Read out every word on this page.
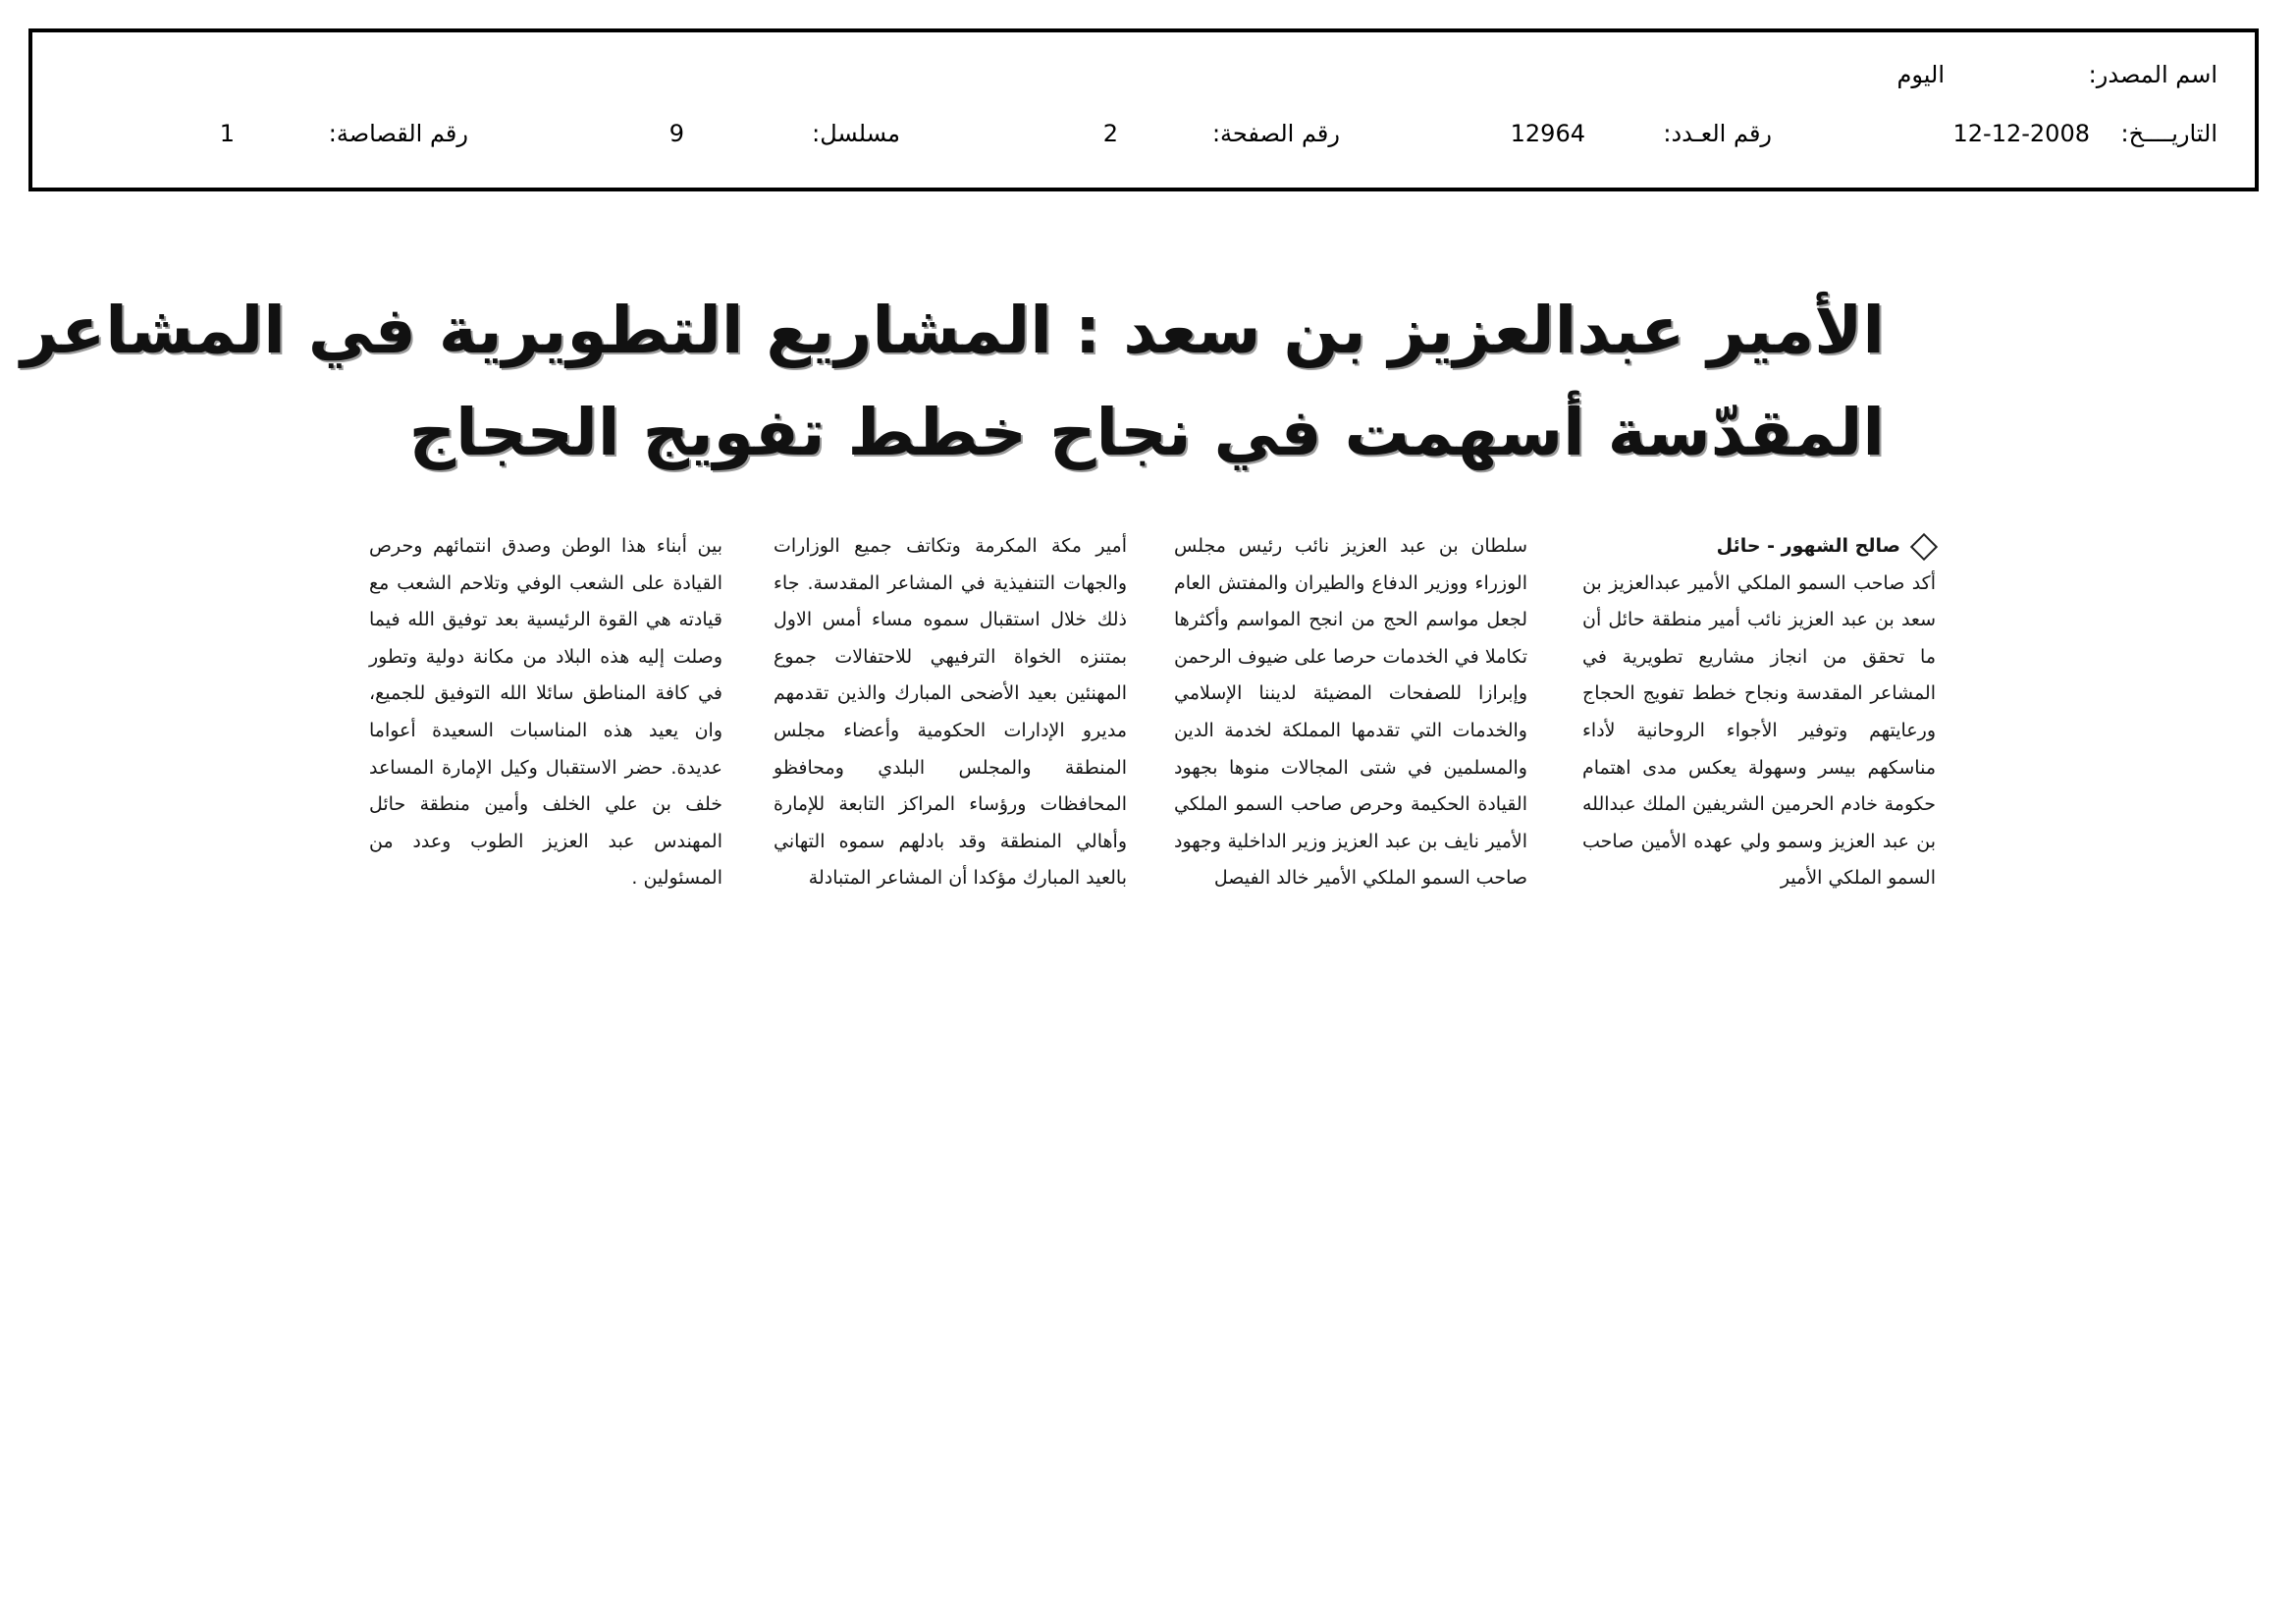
اسم المصدر:
اليوم
التاريــــخ:
12-12-2008
رقم العـدد:
12964
رقم الصفحة:
2
مسلسل:
9
رقم القصاصة:
1
الأمير عبدالعزيز بن سعد : المشاريع التطويرية في المشاعر
المقدّسة أسهمت في نجاح خطط تفويج الحجاج
صالح الشهور - حائل

أكد صاحب السمو الملكي الأمير عبدالعزيز بن سعد بن عبد العزيز نائب أمير منطقة حائل أن ما تحقق من انجاز مشاريع تطويرية في المشاعر المقدسة ونجاح خطط تفويج الحجاج ورعايتهم وتوفير الأجواء الروحانية لأداء مناسكهم بيسر وسهولة يعكس مدى اهتمام حكومة خادم الحرمين الشريفين الملك عبدالله بن عبد العزيز وسمو ولي عهده الأمين صاحب السمو الملكي الأمير

سلطان بن عبد العزيز نائب رئيس مجلس الوزراء ووزير الدفاع والطيران والمفتش العام لجعل مواسم الحج من انجح المواسم وأكثرها تكاملا في الخدمات حرصا على ضيوف الرحمن وإبرازا للصفحات المضيئة لديننا الإسلامي والخدمات التي تقدمها المملكة لخدمة الدين والمسلمين في شتى المجالات منوها بجهود القيادة الحكيمة وحرص صاحب السمو الملكي الأمير نايف بن عبد العزيز وزير الداخلية وجهود صاحب السمو الملكي الأمير خالد الفيصل

أمير مكة المكرمة وتكاتف جميع الوزارات والجهات التنفيذية في المشاعر المقدسة. جاء ذلك خلال استقبال سموه مساء أمس الاول بمتنزه الخواة الترفيهي للاحتفالات جموع المهنئين بعيد الأضحى المبارك والذين تقدمهم مديرو الإدارات الحكومية وأعضاء مجلس المنطقة والمجلس البلدي ومحافظو المحافظات ورؤساء المراكز التابعة للإمارة وأهالي المنطقة وقد بادلهم سموه التهاني بالعيد المبارك مؤكدا أن المشاعر المتبادلة

بين أبناء هذا الوطن وصدق انتمائهم وحرص القيادة على الشعب الوفي وتلاحم الشعب مع قيادته هي القوة الرئيسية بعد توفيق الله فيما وصلت إليه هذه البلاد من مكانة دولية وتطور في كافة المناطق سائلا الله التوفيق للجميع، وان يعيد هذه المناسبات السعيدة أعواما عديدة. حضر الاستقبال وكيل الإمارة المساعد خلف بن علي الخلف وأمين منطقة حائل المهندس عبد العزيز الطوب وعدد من المسئولين .
